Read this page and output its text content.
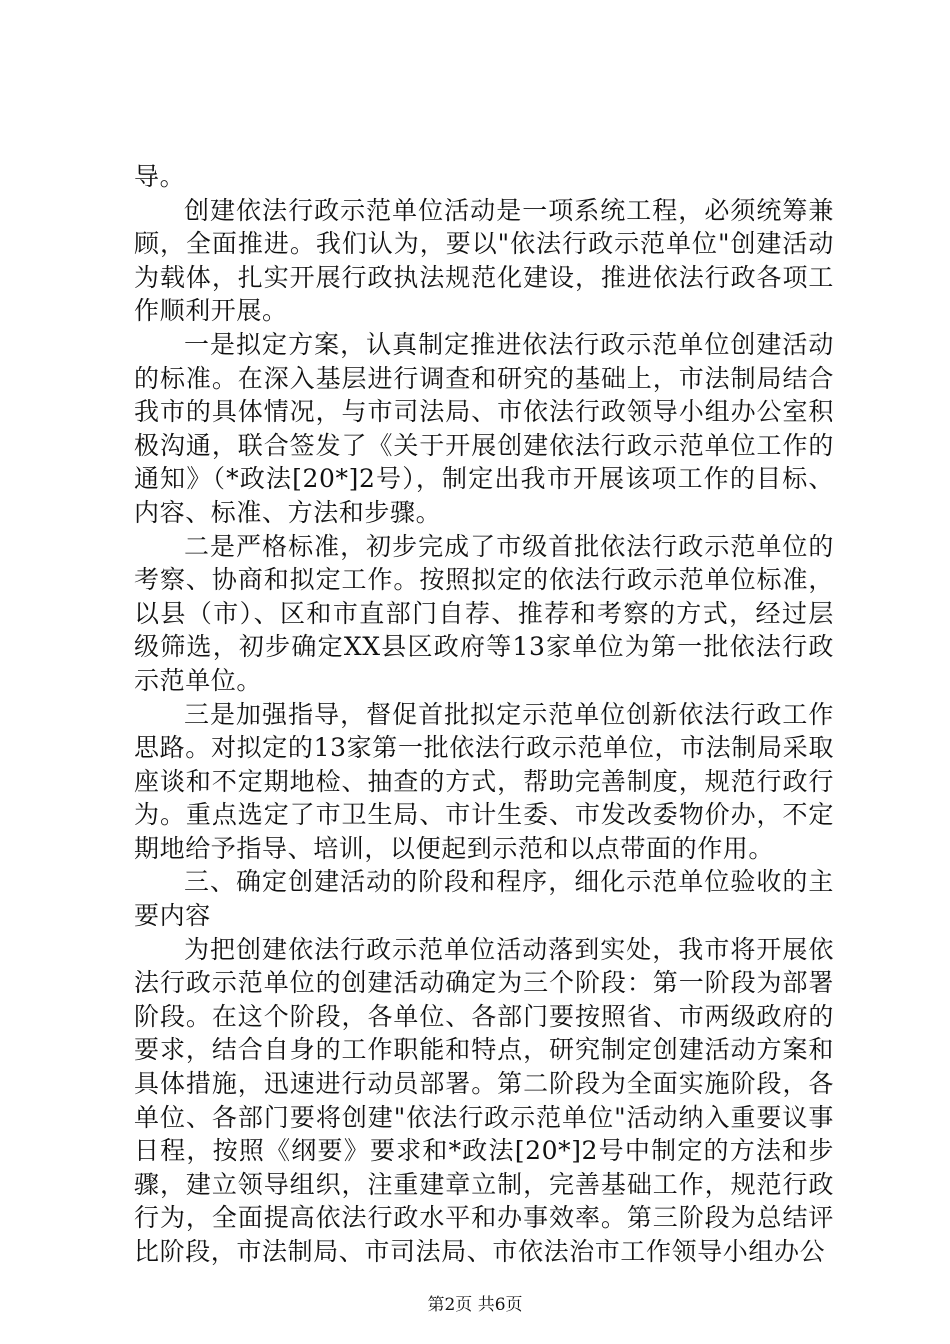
导。

创建依法行政示范单位活动是一项系统工程，必须统筹兼顾，全面推进。我们认为，要以"依法行政示范单位"创建活动为载体，扎实开展行政执法规范化建设，推进依法行政各项工作顺利开展。

一是拟定方案，认真制定推进依法行政示范单位创建活动的标准。在深入基层进行调查和研究的基础上，市法制局结合我市的具体情况，与市司法局、市依法行政领导小组办公室积极沟通，联合签发了《关于开展创建依法行政示范单位工作的通知》（*政法[20*]2号），制定出我市开展该项工作的目标、内容、标准、方法和步骤。

二是严格标准，初步完成了市级首批依法行政示范单位的考察、协商和拟定工作。按照拟定的依法行政示范单位标准，以县（市）、区和市直部门自荐、推荐和考察的方式，经过层级筛选，初步确定XX县区政府等13家单位为第一批依法行政示范单位。

三是加强指导，督促首批拟定示范单位创新依法行政工作思路。对拟定的13家第一批依法行政示范单位，市法制局采取座谈和不定期地检、抽查的方式，帮助完善制度，规范行政行为。重点选定了市卫生局、市计生委、市发改委物价办，不定期地给予指导、培训，以便起到示范和以点带面的作用。

三、确定创建活动的阶段和程序，细化示范单位验收的主要内容

为把创建依法行政示范单位活动落到实处，我市将开展依法行政示范单位的创建活动确定为三个阶段：第一阶段为部署阶段。在这个阶段，各单位、各部门要按照省、市两级政府的要求，结合自身的工作职能和特点，研究制定创建活动方案和具体措施，迅速进行动员部署。第二阶段为全面实施阶段，各单位、各部门要将创建"依法行政示范单位"活动纳入重要议事日程，按照《纲要》要求和*政法[20*]2号中制定的方法和步骤，建立领导组织，注重建章立制，完善基础工作，规范行政行为，全面提高依法行政水平和办事效率。第三阶段为总结评比阶段，市法制局、市司法局、市依法治市工作领导小组办公

第2页 共6页
